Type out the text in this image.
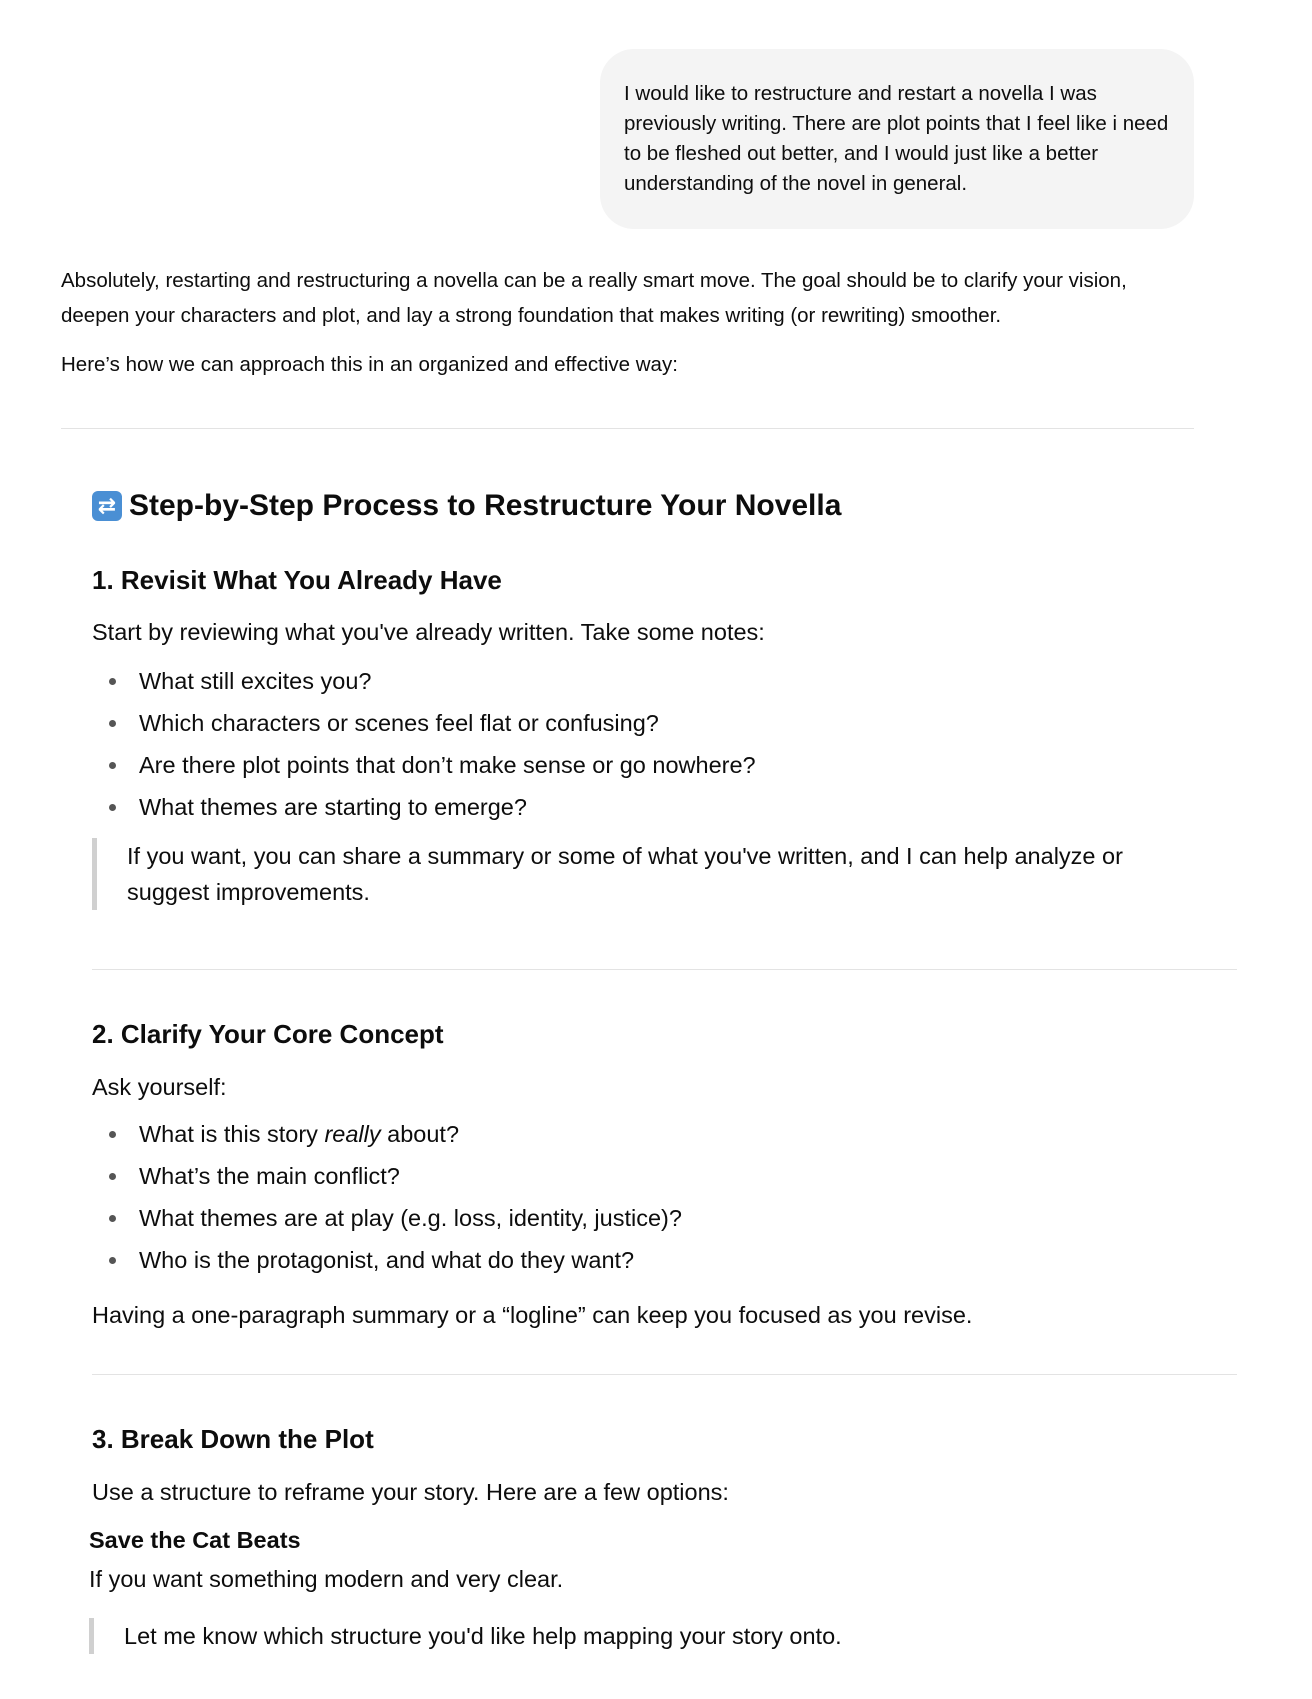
I would like to restructure and restart a novella I was previously writing. There are plot points that I feel like i need to be fleshed out better, and I would just like a better understanding of the novel in general.

Absolutely, restarting and restructuring a novella can be a really smart move. The goal should be to clarify your vision, deepen your characters and plot, and lay a strong foundation that makes writing (or rewriting) smoother.

Here’s how we can approach this in an organized and effective way:

⇄ Step-by-Step Process to Restructure Your Novella
1. Revisit What You Already Have

Start by reviewing what you've already written. Take some notes:

What still excites you?
Which characters or scenes feel flat or confusing?
Are there plot points that don’t make sense or go nowhere?
What themes are starting to emerge?
If you want, you can share a summary or some of what you've written, and I can help analyze or suggest improvements.
2. Clarify Your Core Concept

Ask yourself:

What is this story really about?
What’s the main conflict?
What themes are at play (e.g. loss, identity, justice)?
Who is the protagonist, and what do they want?

Having a one-paragraph summary or a “logline” can keep you focused as you revise.

3. Break Down the Plot

Use a structure to reframe your story. Here are a few options:

Save the Cat Beats

If you want something modern and very clear.

Let me know which structure you'd like help mapping your story onto.
